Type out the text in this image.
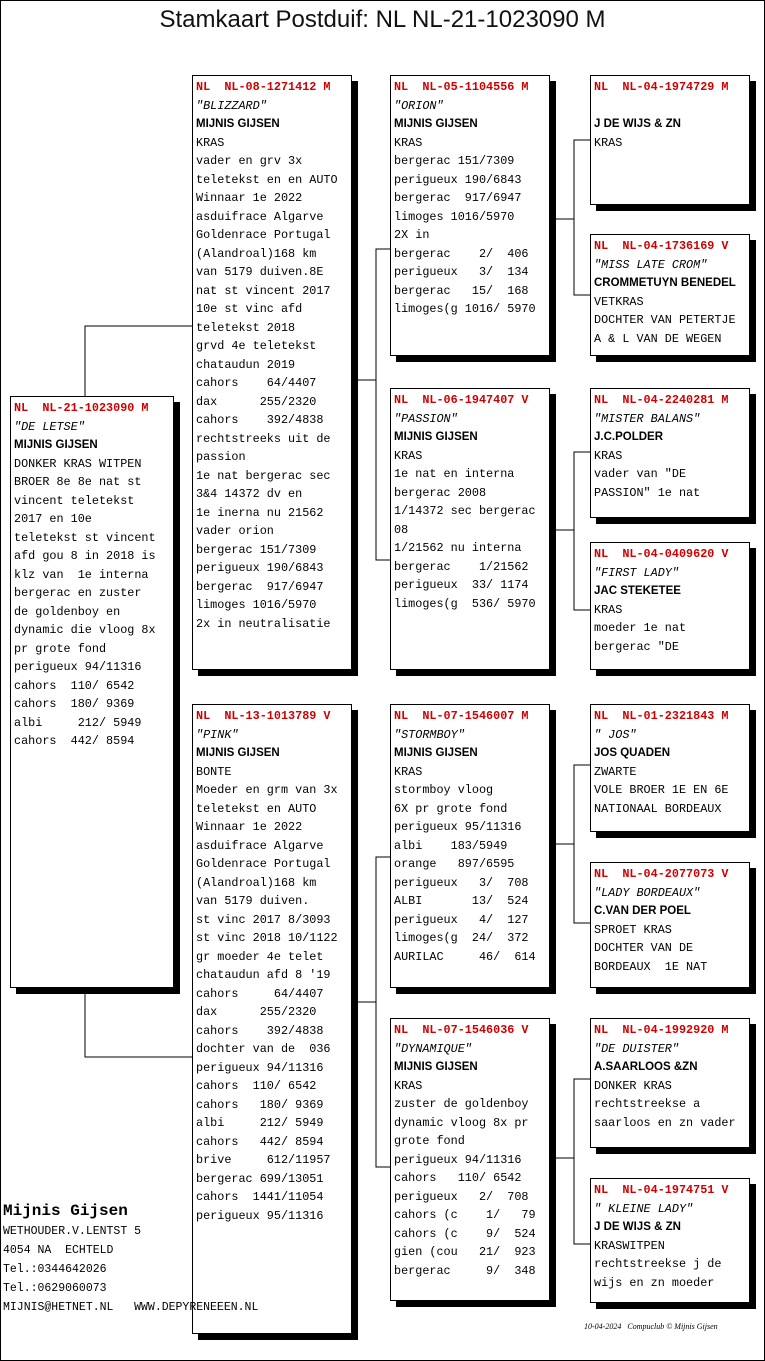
Stamkaart Postduif: NL NL-21-1023090 M
NL  NL-21-1023090 M
"DE LETSE"
MIJNIS GIJSEN
DONKER KRAS WITPEN
BROER 8e 8e nat st
vincent teletekst
2017 en 10e
teletekst st vincent
afd gou 8 in 2018 is
klz van  1e interna
bergerac en zuster
de goldenboy en
dynamic die vloog 8x
pr grote fond
perigueux 94/11316
cahors  110/ 6542
cahors  180/ 9369
albi     212/ 5949
cahors  442/ 8594
NL  NL-08-1271412 M
"BLIZZARD"
MIJNIS GIJSEN
KRAS
vader en grv 3x
teletekst en en AUTO
Winnaar 1e 2022
asduifrace Algarve
Goldenrace Portugal
(Alandroal)168 km
van 5179 duiven.8E
nat st vincent 2017
10e st vinc afd
teletekst 2018
grvd 4e teletekst
chataudun 2019
cahors    64/4407
dax      255/2320
cahors    392/4838
rechtstreeks uit de
passion
1e nat bergerac sec
3&4 14372 dv en
1e inerna nu 21562
vader orion
bergerac 151/7309
perigueux 190/6843
bergerac  917/6947
limoges 1016/5970
2x in neutralisatie
NL  NL-13-1013789 V
"PINK"
MIJNIS GIJSEN
BONTE
Moeder en grm van 3x
teletekst en AUTO
Winnaar 1e 2022
asduifrace Algarve
Goldenrace Portugal
(Alandroal)168 km
van 5179 duiven.
st vinc 2017 8/3093
st vinc 2018 10/1122
gr moeder 4e telet
chataudun afd 8 '19
cahors     64/4407
dax      255/2320
cahors    392/4838
dochter van de  036
perigueux 94/11316
cahors  110/ 6542
cahors   180/ 9369
albi     212/ 5949
cahors   442/ 8594
brive     612/11957
bergerac 699/13051
cahors  1441/11054
perigueux 95/11316
NL  NL-05-1104556 M
"ORION"
MIJNIS GIJSEN
KRAS
bergerac 151/7309
perigueux 190/6843
bergerac  917/6947
limoges 1016/5970
2X in
bergerac    2/  406
perigueux   3/  134
bergerac   15/  168
limoges(g 1016/ 5970
NL  NL-06-1947407 V
"PASSION"
MIJNIS GIJSEN
KRAS
1e nat en interna
bergerac 2008
1/14372 sec bergerac
08
1/21562 nu interna
bergerac    1/21562
perigueux  33/ 1174
limoges(g  536/ 5970
NL  NL-07-1546007 M
"STORMBOY"
MIJNIS GIJSEN
KRAS
stormboy vloog
6X pr grote fond
perigueux 95/11316
albi    183/5949
orange   897/6595
perigueux   3/  708
ALBI       13/  524
perigueux   4/  127
limoges(g  24/  372
AURILAC     46/  614
NL  NL-07-1546036 V
"DYNAMIQUE"
MIJNIS GIJSEN
KRAS
zuster de goldenboy
dynamic vloog 8x pr
grote fond
perigueux 94/11316
cahors   110/ 6542
perigueux   2/  708
cahors (c    1/   79
cahors (c    9/  524
gien (cou   21/  923
bergerac     9/  348
NL  NL-04-1974729 M
J DE WIJS & ZN
KRAS
NL  NL-04-1736169 V
"MISS LATE CROM"
CROMMETUYN BENEDEL
VETKRAS
DOCHTER VAN PETERTJE
A & L VAN DE WEGEN
NL  NL-04-2240281 M
"MISTER BALANS"
J.C.POLDER
KRAS
vader van "DE
PASSION" 1e nat
NL  NL-04-0409620 V
"FIRST LADY"
JAC STEKETEE
KRAS
moeder 1e nat
bergerac "DE
NL  NL-01-2321843 M
" JOS"
JOS QUADEN
ZWARTE
VOLE BROER 1E EN 6E
NATIONAAL BORDEAUX
NL  NL-04-2077073 V
"LADY BORDEAUX"
C.VAN DER POEL
SPROET KRAS
DOCHTER VAN DE
BORDEAUX  1E NAT
NL  NL-04-1992920 M
"DE DUISTER"
A.SAARLOOS &ZN
DONKER KRAS
rechtstreekse a
saarloos en zn vader
NL  NL-04-1974751 V
" KLEINE LADY"
J DE WIJS & ZN
KRASWITPEN
rechtstreekse j de
wijs en zn moeder
Mijnis Gijsen
WETHOUDER.V.LENTST 5
4054 NA  ECHTELD
Tel.:0344642026
Tel.:0629060073
MIJNIS@HETNET.NL   WWW.DEPYRENEEEN.NL
10-04-2024   Compuclub © Mijnis Gijsen
